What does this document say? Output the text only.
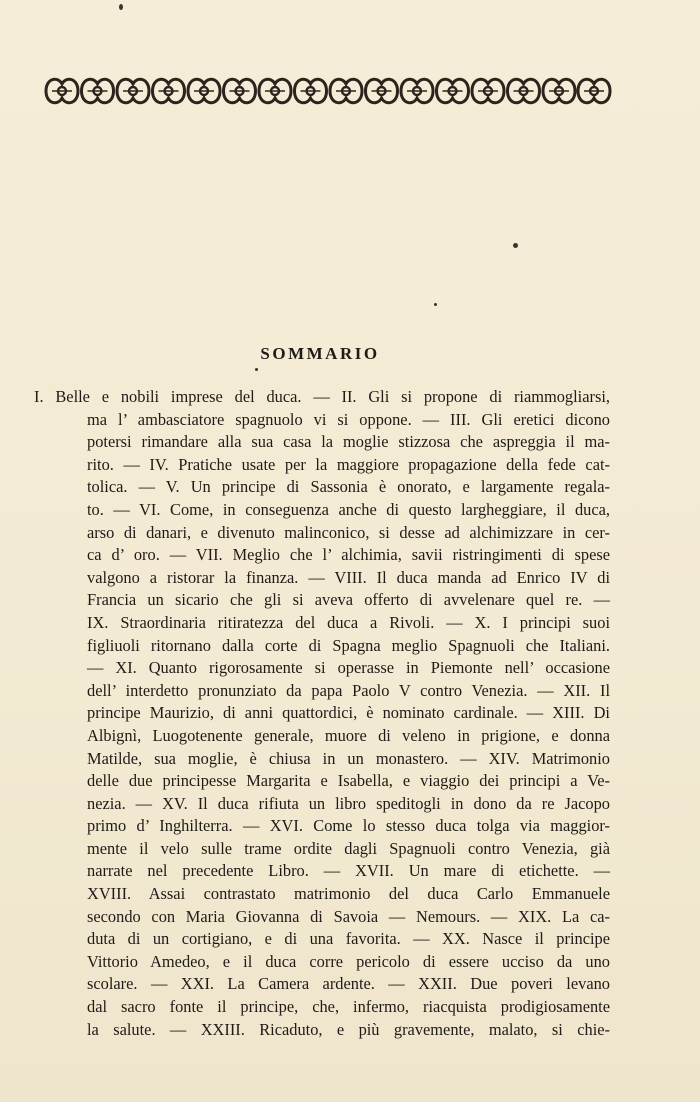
SOMMARIO
I. Belle e nobili imprese del duca. — II. Gli si propone di riammogliarsi,
ma l’ ambasciatore spagnuolo vi si oppone. — III. Gli eretici dicono
potersi rimandare alla sua casa la moglie stizzosa che aspreggia il ma-
rito. — IV. Pratiche usate per la maggiore propagazione della fede cat-
tolica. — V. Un principe di Sassonia è onorato, e largamente regala-
to. — VI. Come, in conseguenza anche di questo largheggiare, il duca,
arso di danari, e divenuto malinconico, si desse ad alchimizzare in cer-
ca d’ oro. — VII. Meglio che l’ alchimia, savii ristringimenti di spese
valgono a ristorar la finanza. — VIII. Il duca manda ad Enrico IV di
Francia un sicario che gli si aveva offerto di avvelenare quel re. —
IX. Straordinaria ritiratezza del duca a Rivoli. — X. I principi suoi
figliuoli ritornano dalla corte di Spagna meglio Spagnuoli che Italiani.
— XI. Quanto rigorosamente si operasse in Piemonte nell’ occasione
dell’ interdetto pronunziato da papa Paolo V contro Venezia. — XII. Il
principe Maurizio, di anni quattordici, è nominato cardinale. — XIII. Di
Albignì, Luogotenente generale, muore di veleno in prigione, e donna
Matilde, sua moglie, è chiusa in un monastero. — XIV. Matrimonio
delle due principesse Margarita e Isabella, e viaggio dei principi a Ve-
nezia. — XV. Il duca rifiuta un libro speditogli in dono da re Jacopo
primo d’ Inghilterra. — XVI. Come lo stesso duca tolga via maggior-
mente il velo sulle trame ordite dagli Spagnuoli contro Venezia, già
narrate nel precedente Libro. — XVII. Un mare di etichette. —
XVIII. Assai contrastato matrimonio del duca Carlo Emmanuele
secondo con Maria Giovanna di Savoia — Nemours. — XIX. La ca-
duta di un cortigiano, e di una favorita. — XX. Nasce il principe
Vittorio Amedeo, e il duca corre pericolo di essere ucciso da uno
scolare. — XXI. La Camera ardente. — XXII. Due poveri levano
dal sacro fonte il principe, che, infermo, riacquista prodigiosamente
la salute. — XXIII. Ricaduto, e più gravemente, malato, si chie-
